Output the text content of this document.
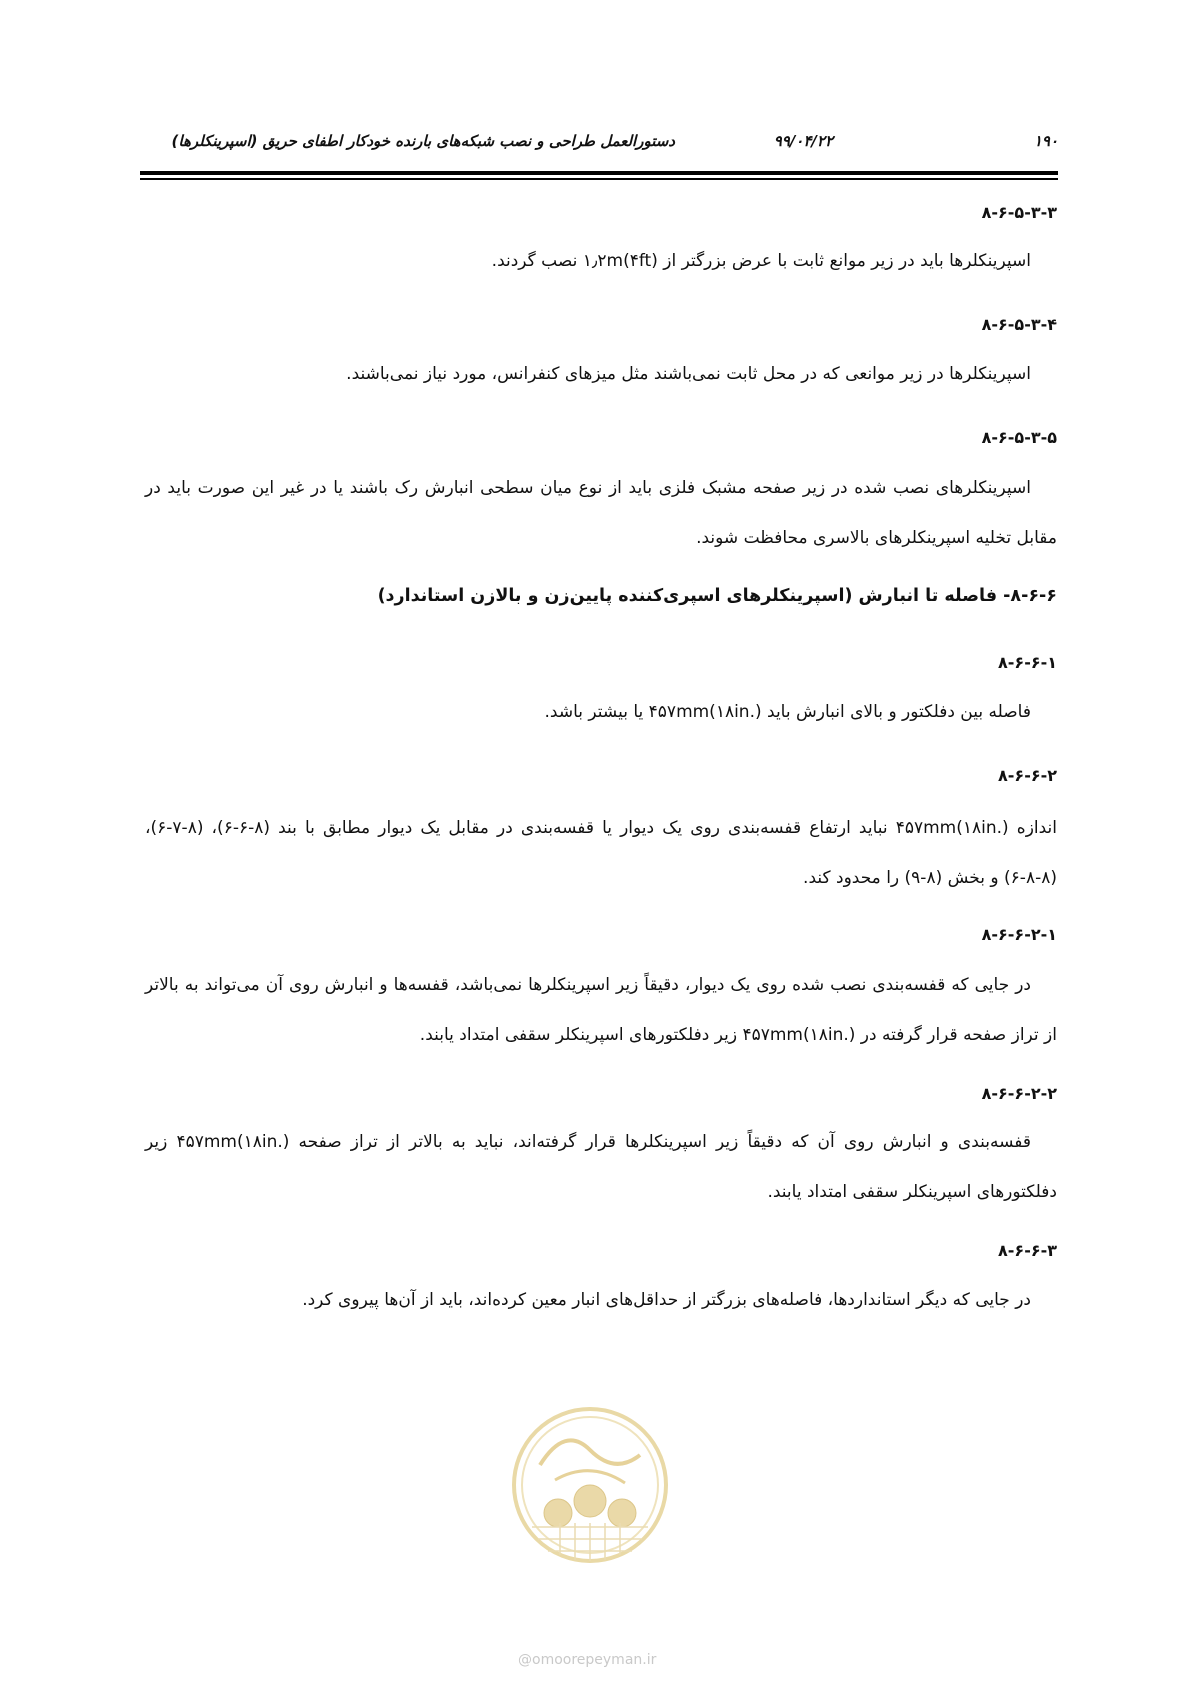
۱۹۰
۹۹/۰۴/۲۲
دستورالعمل طراحی و نصب شبکه‌های بارنده خودکار اطفای حریق (اسپرینکلرها)
۸-۶-۵-۳-۳
اسپرینکلرها باید در زیر موانع ثابت با عرض بزرگتر از ۱٫۲m(۴ft) نصب گردند.
۸-۶-۵-۳-۴
اسپرینکلرها در زیر موانعی که در محل ثابت نمی‌باشند مثل میزهای کنفرانس، مورد نیاز نمی‌باشند.
۸-۶-۵-۳-۵
اسپرینکلرهای نصب شده در زیر صفحه مشبک فلزی باید از نوع میان سطحی انبارش رک باشند یا در غیر این صورت باید در مقابل تخلیه اسپرینکلرهای بالاسری محافظت شوند.
۸-۶-۶- فاصله تا انبارش (اسپرینکلرهای اسپری‌کننده پایین‌زن و بالازن استاندارد)
۸-۶-۶-۱
فاصله بین دفلکتور و بالای انبارش باید ۴۵۷mm(۱۸in.) یا بیشتر باشد.
۸-۶-۶-۲
اندازه ۴۵۷mm(۱۸in.) نباید ارتفاع قفسه‌بندی روی یک دیوار یا قفسه‌بندی در مقابل یک دیوار مطابق با بند (۸-۶-۶)، (۸-۷-۶)، (۸-۸-۶) و بخش (۸-۹) را محدود کند.
۸-۶-۶-۲-۱
در جایی که قفسه‌بندی نصب شده روی یک دیوار، دقیقاً زیر اسپرینکلرها نمی‌باشد، قفسه‌ها و انبارش روی آن می‌تواند به بالاتر از تراز صفحه قرار گرفته در ۴۵۷mm(۱۸in.) زیر دفلکتورهای اسپرینکلر سقفی امتداد یابند.
۸-۶-۶-۲-۲
قفسه‌بندی و انبارش روی آن که دقیقاً زیر اسپرینکلرها قرار گرفته‌اند، نباید به بالاتر از تراز صفحه ۴۵۷mm(۱۸in.) زیر دفلکتورهای اسپرینکلر سقفی امتداد یابند.
۸-۶-۶-۳
در جایی که دیگر استانداردها، فاصله‌های بزرگتر از حداقل‌های انبار معین کرده‌اند، باید از آن‌ها پیروی کرد.
@omoorepeyman.ir
